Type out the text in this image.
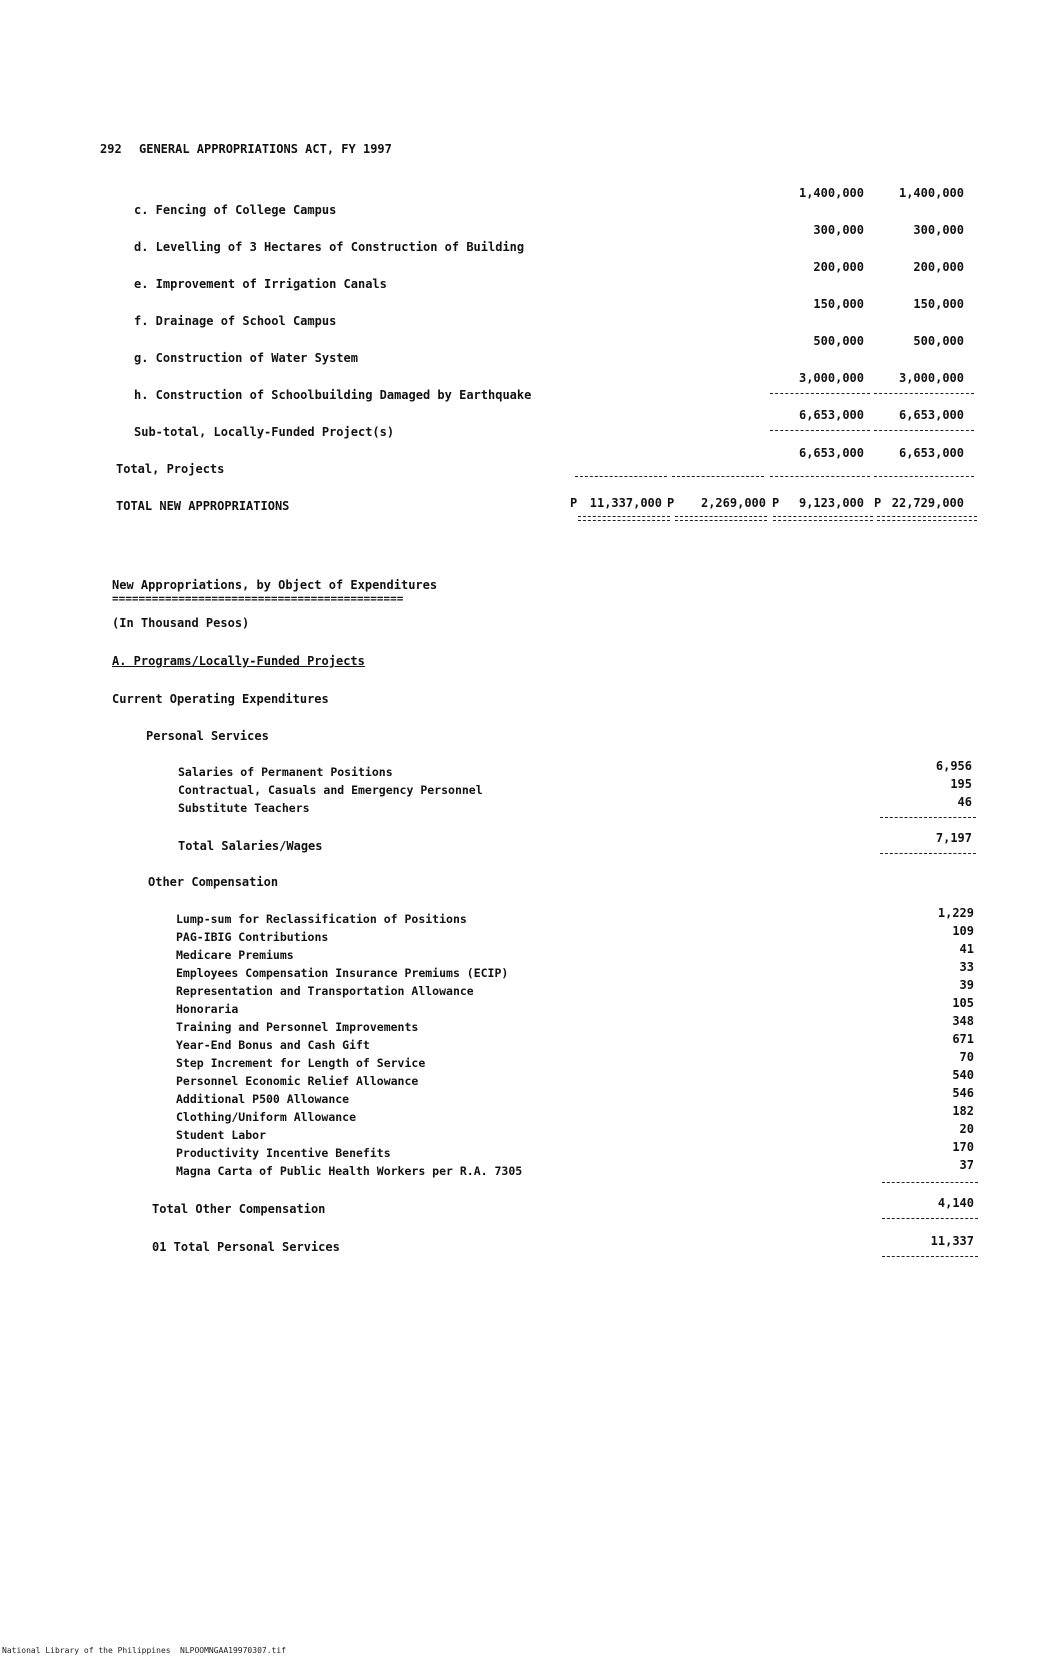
292 GENERAL APPROPRIATIONS ACT, FY 1997
c. Fencing of College Campus
1,400,000	1,400,000
d. Levelling of 3 Hectares of Construction of Building
300,000	300,000
e. Improvement of Irrigation Canals
200,000	200,000
f. Drainage of School Campus
150,000	150,000
g. Construction of Water System
500,000	500,000
h. Construction of Schoolbuilding Damaged by Earthquake
3,000,000	3,000,000
Sub-total, Locally-Funded Project(s)
6,653,000	6,653,000
Total, Projects
6,653,000	6,653,000
TOTAL NEW APPROPRIATIONS	P 11,337,000 P 2,269,000 P 9,123,000 P 22,729,000
New Appropriations, by Object of Expenditures
============================================
(In Thousand Pesos)
A. Programs/Locally-Funded Projects
Current Operating Expenditures
Personal Services
Salaries of Permanent Positions	6,956
Contractual, Casuals and Emergency Personnel	195
Substitute Teachers	46
Total Salaries/Wages
7,197
Other Compensation
Lump-sum for Reclassification of Positions	1,229
PAG-IBIG Contributions	109
Medicare Premiums	41
Employees Compensation Insurance Premiums (ECIP)	33
Representation and Transportation Allowance	39
Honoraria	105
Training and Personnel Improvements	348
Year-End Bonus and Cash Gift	671
Step Increment for Length of Service	70
Personnel Economic Relief Allowance	540
Additional P500 Allowance	546
Clothing/Uniform Allowance	182
Student Labor	20
Productivity Incentive Benefits	170
Magna Carta of Public Health Workers per R.A. 7305	37
Total Other Compensation	4,140
01 Total Personal Services	11,337
National Library of the Philippines NLPOOMNGAA19970307.tif
